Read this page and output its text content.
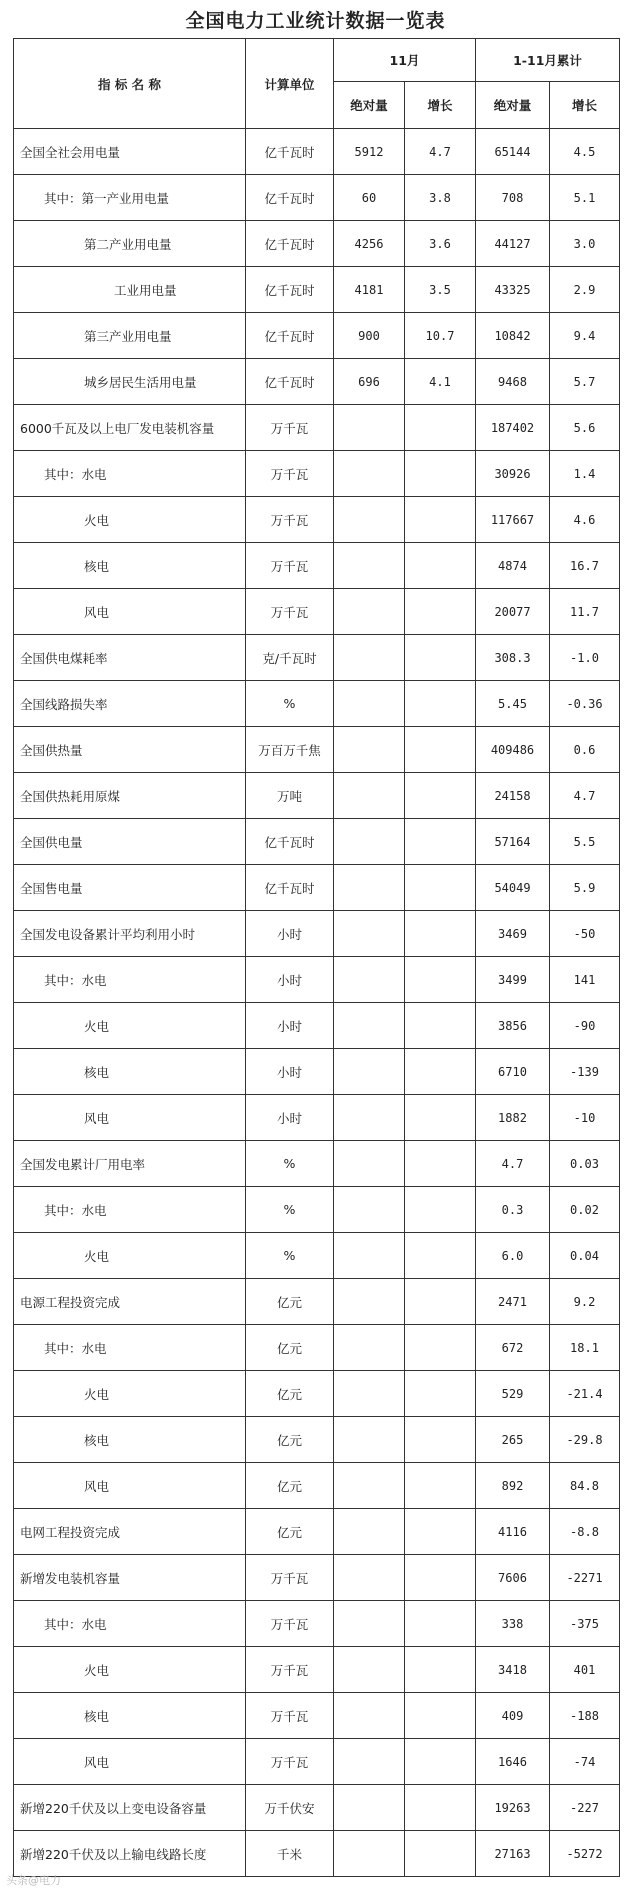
全国电力工业统计数据一览表
指 标 名 称	计算单位	11月		1-11月累计	
		绝对量	增长	绝对量	增长
全国全社会用电量	亿千瓦时	5912	4.7	65144	4.5
其中：第一产业用电量	亿千瓦时	60	3.8	708	5.1
第二产业用电量	亿千瓦时	4256	3.6	44127	3.0
工业用电量	亿千瓦时	4181	3.5	43325	2.9
第三产业用电量	亿千瓦时	900	10.7	10842	9.4
城乡居民生活用电量	亿千瓦时	696	4.1	9468	5.7
6000千瓦及以上电厂发电装机容量	万千瓦			187402	5.6
其中：水电	万千瓦			30926	1.4
火电	万千瓦			117667	4.6
核电	万千瓦			4874	16.7
风电	万千瓦			20077	11.7
全国供电煤耗率	克/千瓦时			308.3	-1.0
全国线路损失率	%			5.45	-0.36
全国供热量	万百万千焦			409486	0.6
全国供热耗用原煤	万吨			24158	4.7
全国供电量	亿千瓦时			57164	5.5
全国售电量	亿千瓦时			54049	5.9
全国发电设备累计平均利用小时	小时			3469	-50
其中：水电	小时			3499	141
火电	小时			3856	-90
核电	小时			6710	-139
风电	小时			1882	-10
全国发电累计厂用电率	%			4.7	0.03
其中：水电	%			0.3	0.02
火电	%			6.0	0.04
电源工程投资完成	亿元			2471	9.2
其中：水电	亿元			672	18.1
火电	亿元			529	-21.4
核电	亿元			265	-29.8
风电	亿元			892	84.8
电网工程投资完成	亿元			4116	-8.8
新增发电装机容量	万千瓦			7606	-2271
其中：水电	万千瓦			338	-375
火电	万千瓦			3418	401
核电	万千瓦			409	-188
风电	万千瓦			1646	-74
新增220千伏及以上变电设备容量	万千伏安			19263	-227
新增220千伏及以上输电线路长度	千米			27163	-5272
头条@电力
